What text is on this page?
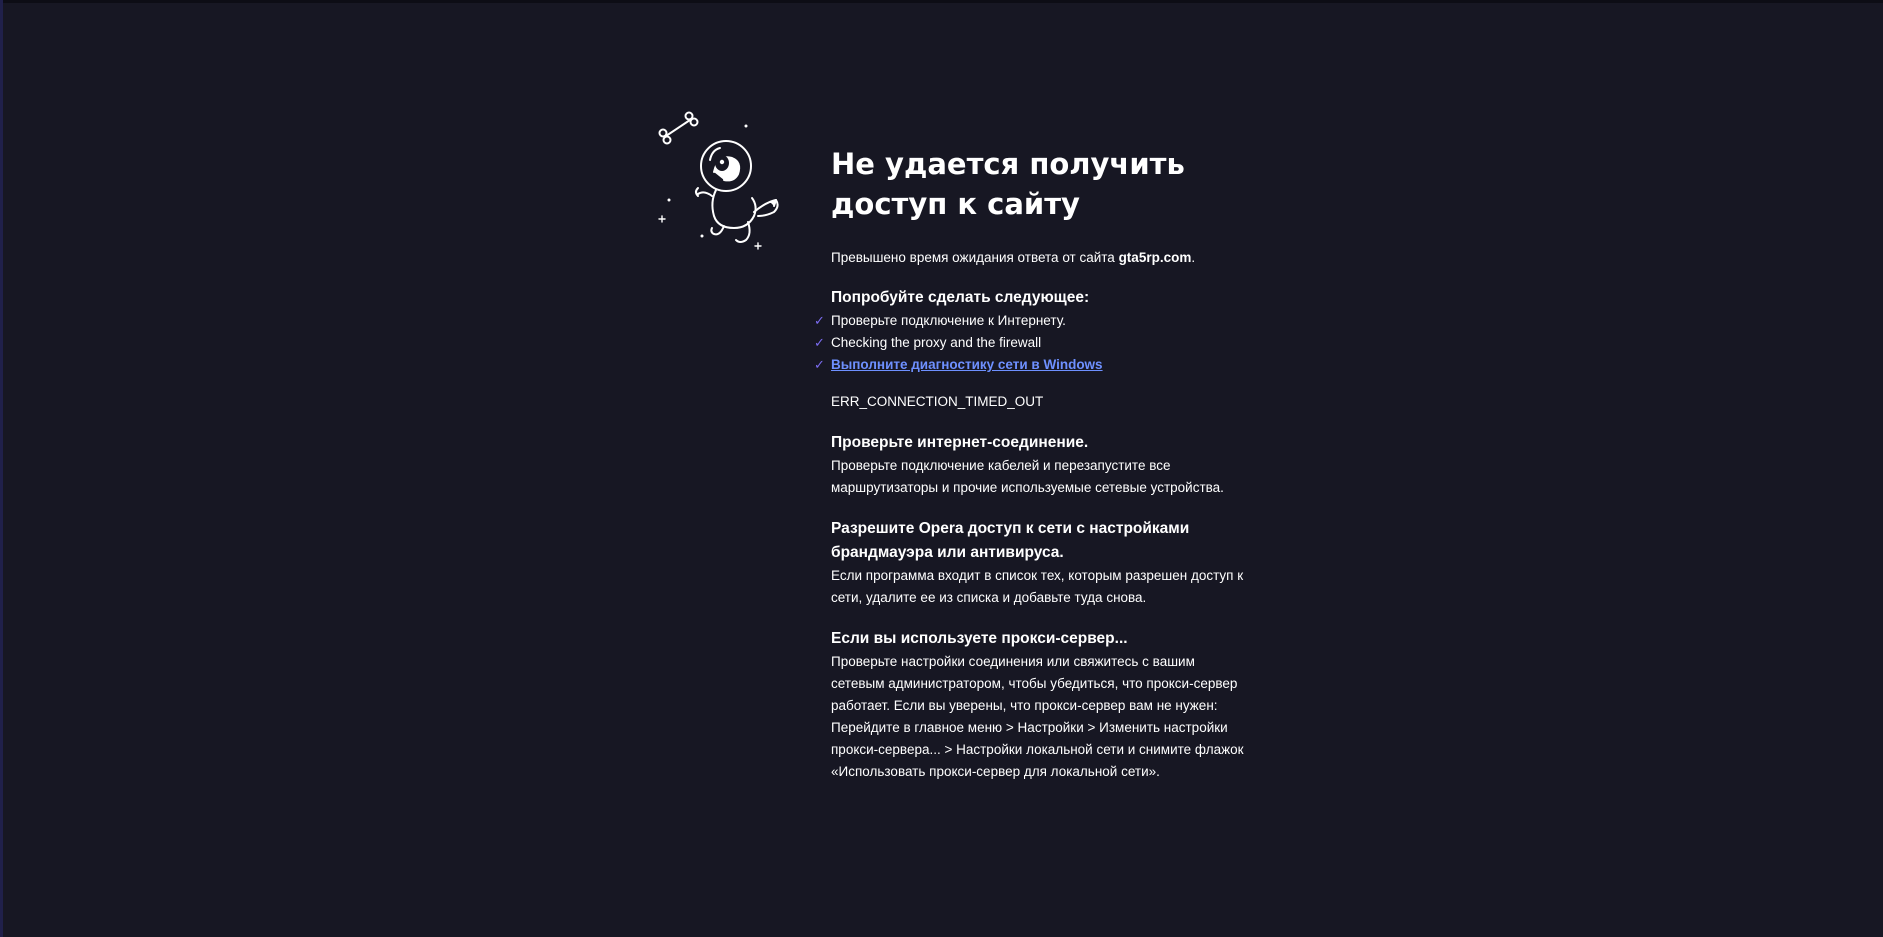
Не удается получить доступ к сайту
Превышено время ожидания ответа от сайта gta5rp.com.
Попробуйте сделать следующее:
✓ Проверьте подключение к Интернету.
✓ Checking the proxy and the firewall
✓ Выполните диагностику сети в Windows
ERR_CONNECTION_TIMED_OUT
Проверьте интернет-соединение.
Проверьте подключение кабелей и перезапустите все маршрутизаторы и прочие используемые сетевые устройства.
Разрешите Opera доступ к сети с настройками брандмауэра или антивируса.
Если программа входит в список тех, которым разрешен доступ к сети, удалите ее из списка и добавьте туда снова.
Если вы используете прокси-сервер...
Проверьте настройки соединения или свяжитесь с вашим сетевым администратором, чтобы убедиться, что прокси-сервер работает. Если вы уверены, что прокси-сервер вам не нужен: Перейдите в главное меню > Настройки > Изменить настройки прокси-сервера... > Настройки локальной сети и снимите флажок «Использовать прокси-сервер для локальной сети».
